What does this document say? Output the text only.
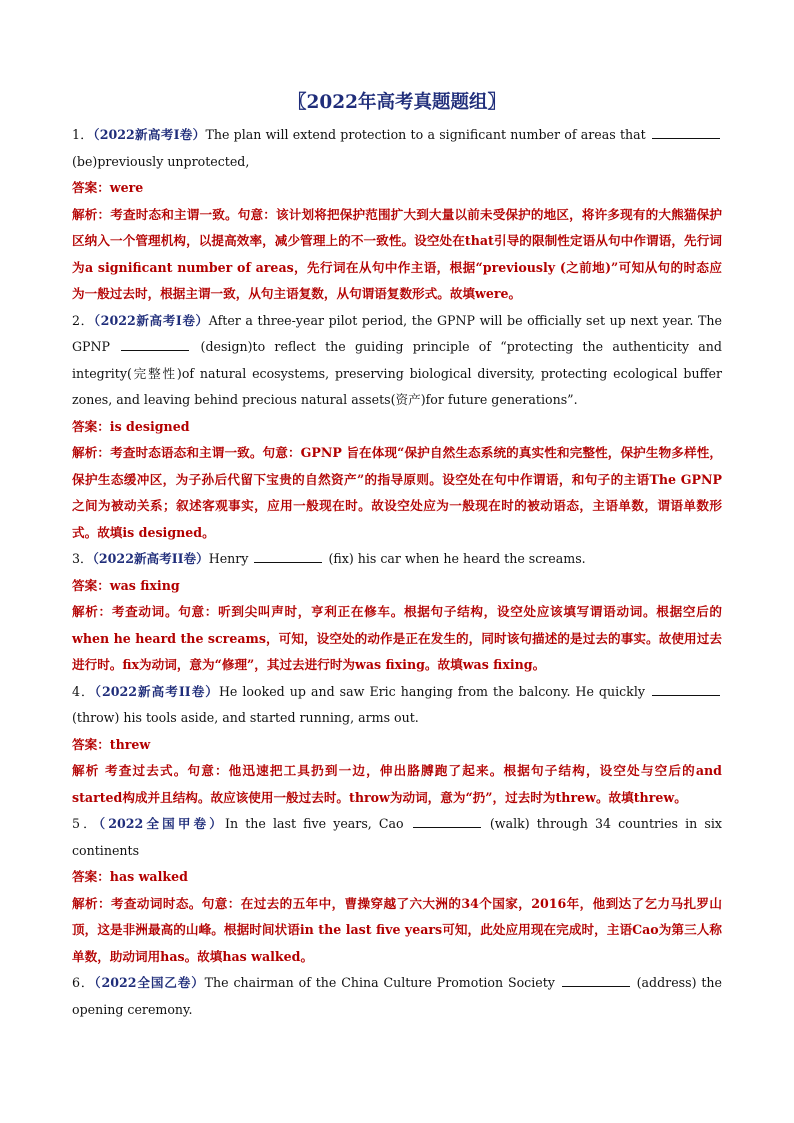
〖2022年高考真题题组〗

1．（2022新高考I卷）The plan will extend protection to a significant number of areas that  (be)previously unprotected,

答案：were

解析：考查时态和主谓一致。句意：该计划将把保护范围扩大到大量以前未受保护的地区，将许多现有的大熊猫保护区纳入一个管理机构，以提高效率，减少管理上的不一致性。设空处在that引导的限制性定语从句中作谓语，先行词为a significant number of areas，先行词在从句中作主语，根据“previously (之前地)”可知从句的时态应为一般过去时，根据主谓一致，从句主语复数，从句谓语复数形式。故填were。

2．（2022新高考I卷）After a three-year pilot period, the GPNP will be officially set up next year. The GPNP	(design)to reflect the guiding principle of “protecting the authenticity and integrity(完整性)of natural ecosystems, preserving biological diversity, protecting ecological buffer zones, and leaving behind precious natural assets(资产)for future generations”.

答案：is designed

解析：考查时态语态和主谓一致。句意：GPNP 旨在体现“保护自然生态系统的真实性和完整性，保护生物多样性，保护生态缓冲区，为子孙后代留下宝贵的自然资产”的指导原则。设空处在句中作谓语，和句子的主语The GPNP 之间为被动关系；叙述客观事实，应用一般现在时。故设空处应为一般现在时的被动语态，主语单数，谓语单数形式。故填is designed。

3．（2022新高考II卷）Henry	(fix) his car when he heard the screams.

答案：was fixing

解析：考查动词。句意：听到尖叫声时，亨利正在修车。根据句子结构，设空处应该填写谓语动词。根据空后的when he heard the screams，可知，设空处的动作是正在发生的，同时该句描述的是过去的事实。故使用过去进行时。fix为动词，意为“修理”，其过去进行时为was fixing。故填was fixing。

4．（2022新高考II卷）He looked up and saw Eric hanging from the balcony. He quickly  (throw) his tools aside, and started running, arms out.

答案：threw

解析 考查过去式。句意：他迅速把工具扔到一边，伸出胳膊跑了起来。根据句子结构，设空处与空后的and started构成并且结构。故应该使用一般过去时。throw为动词，意为“扔”，过去时为threw。故填threw。

5．（2022全国甲卷）In the last five years, Cao	(walk) through 34 countries in six continents

答案：has walked

解析：考查动词时态。句意：在过去的五年中，曹操穿越了六大洲的34个国家，2016年，他到达了乞力马扎罗山顶，这是非洲最高的山峰。根据时间状语in the last five years可知，此处应用现在完成时，主语Cao为第三人称单数，助动词用has。故填has walked。

6．（2022全国乙卷）The chairman of the China Culture Promotion Society	(address) the opening ceremony.
